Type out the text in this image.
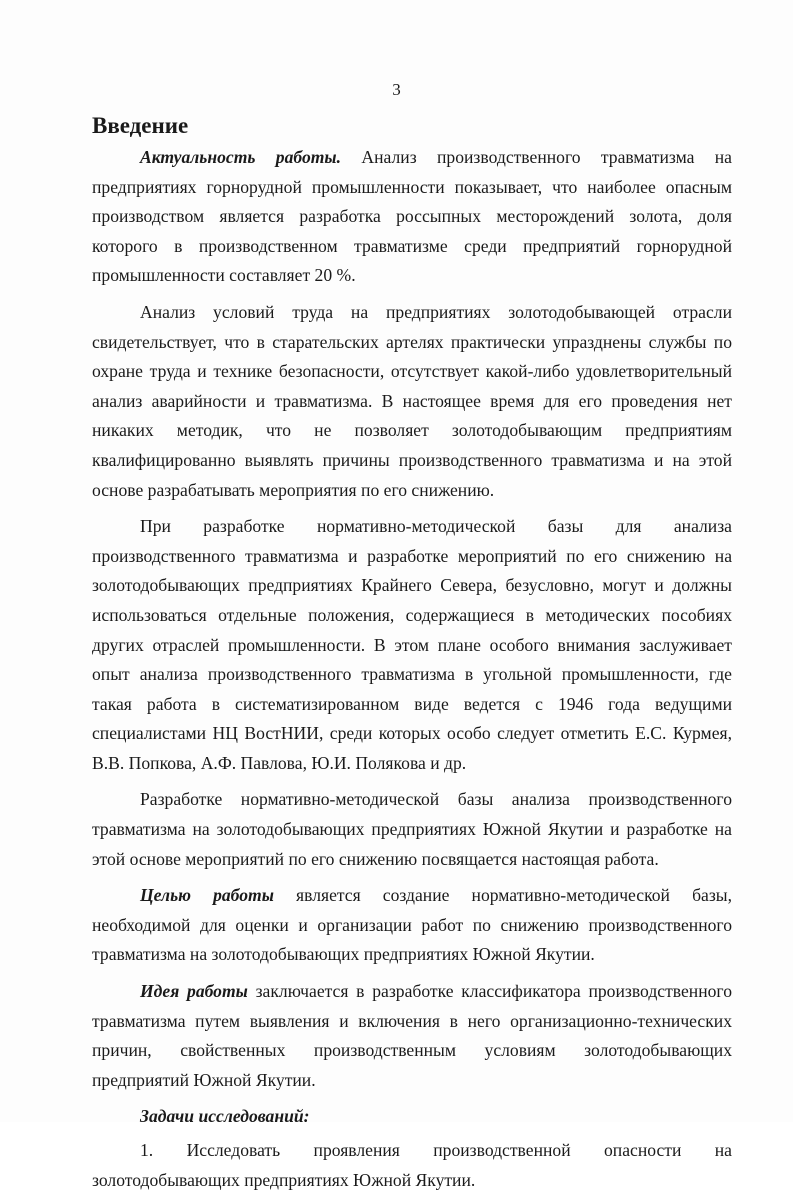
3
Введение

Актуальность работы. Анализ производственного травматизма на предприятиях горнорудной промышленности показывает, что наиболее опасным производством является разработка россыпных месторождений золота, доля которого в производственном травматизме среди предприятий горнорудной промышленности составляет 20 %.

Анализ условий труда на предприятиях золотодобывающей отрасли свидетельствует, что в старательских артелях практически упразднены службы по охране труда и технике безопасности, отсутствует какой-либо удовлетворительный анализ аварийности и травматизма. В настоящее время для его проведения нет никаких методик, что не позволяет золотодобывающим предприятиям квалифицированно выявлять причины производственного травматизма и на этой основе разрабатывать мероприятия по его снижению.

При разработке нормативно-методической базы для анализа производственного травматизма и разработке мероприятий по его снижению на золотодобывающих предприятиях Крайнего Севера, безусловно, могут и должны использоваться отдельные положения, содержащиеся в методических пособиях других отраслей промышленности. В этом плане особого внимания заслуживает опыт анализа производственного травматизма в угольной промышленности, где такая работа в систематизированном виде ведется с 1946 года ведущими специалистами НЦ ВостНИИ, среди которых особо следует отметить Е.С. Курмея, В.В. Попкова, А.Ф. Павлова, Ю.И. Полякова и др.

Разработке нормативно-методической базы анализа производственного травматизма на золотодобывающих предприятиях Южной Якутии и разработке на этой основе мероприятий по его снижению посвящается настоящая работа.

Целью работы является создание нормативно-методической базы, необходимой для оценки и организации работ по снижению производственного травматизма на золотодобывающих предприятиях Южной Якутии.

Идея работы заключается в разработке классификатора производственного травматизма путем выявления и включения в него организационно-технических причин, свойственных производственным условиям золотодобывающих предприятий Южной Якутии.

Задачи исследований:

1. Исследовать проявления производственной опасности на золотодобывающих предприятиях Южной Якутии.
